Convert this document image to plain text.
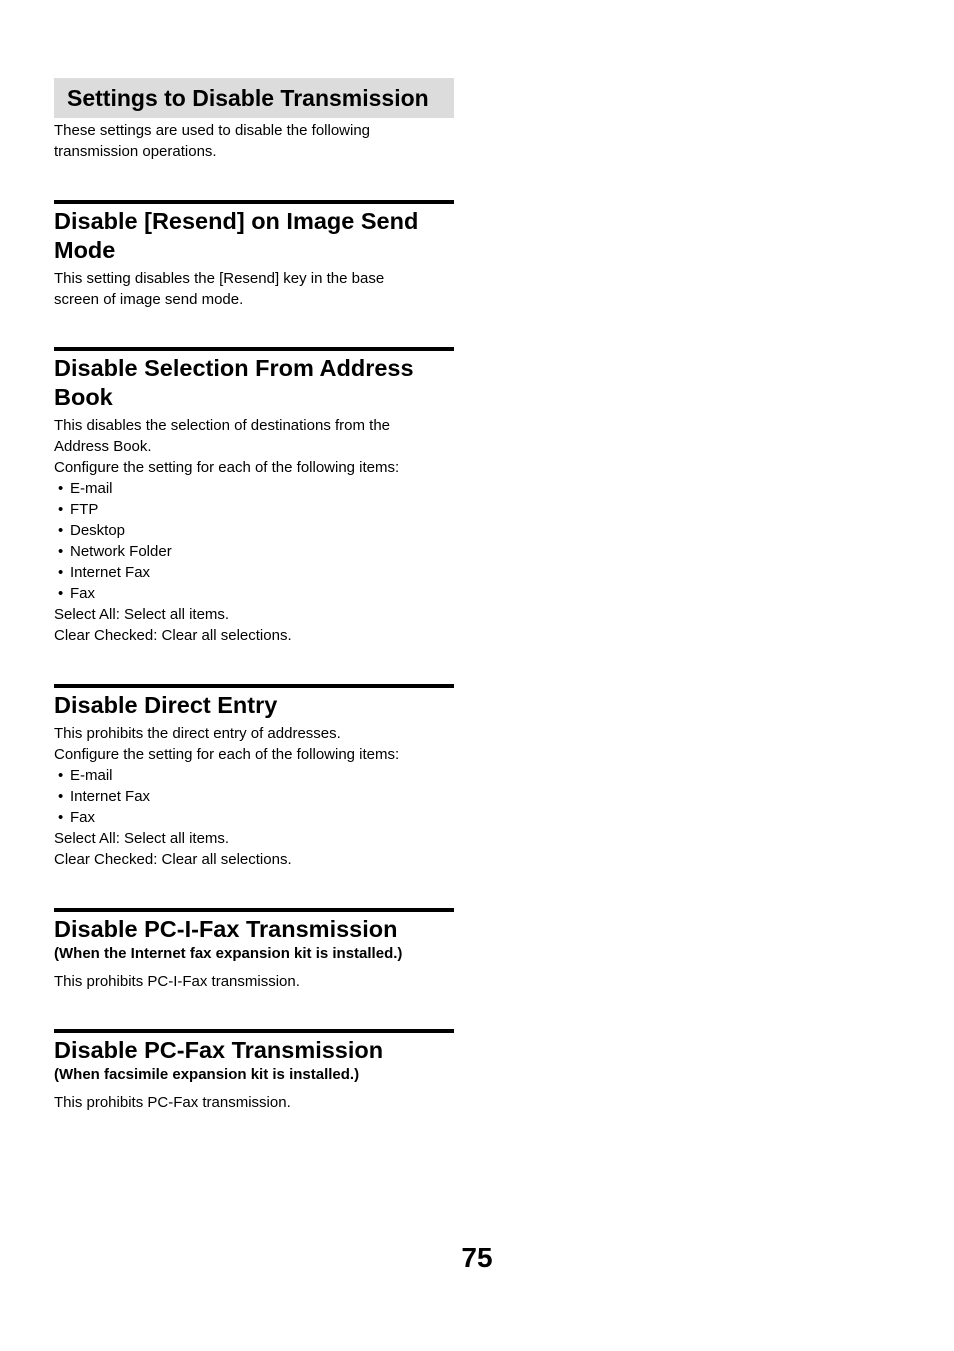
Settings to Disable Transmission

These settings are used to disable the following

transmission operations.

Disable [Resend] on Image Send
Mode

This setting disables the [Resend] key in the base

screen of image send mode.

Disable Selection From Address
Book

This disables the selection of destinations from the

Address Book.

Configure the setting for each of the following items:

• E-mail
• FTP
• Desktop
• Network Folder
• Internet Fax
• Fax

Select All: Select all items.

Clear Checked: Clear all selections.

Disable Direct Entry

This prohibits the direct entry of addresses.

Configure the setting for each of the following items:

• E-mail
• Internet Fax
• Fax

Select All: Select all items.

Clear Checked: Clear all selections.

Disable PC-I-Fax Transmission

(When the Internet fax expansion kit is installed.)

This prohibits PC-I-Fax transmission.

Disable PC-Fax Transmission

(When facsimile expansion kit is installed.)

This prohibits PC-Fax transmission.

75
